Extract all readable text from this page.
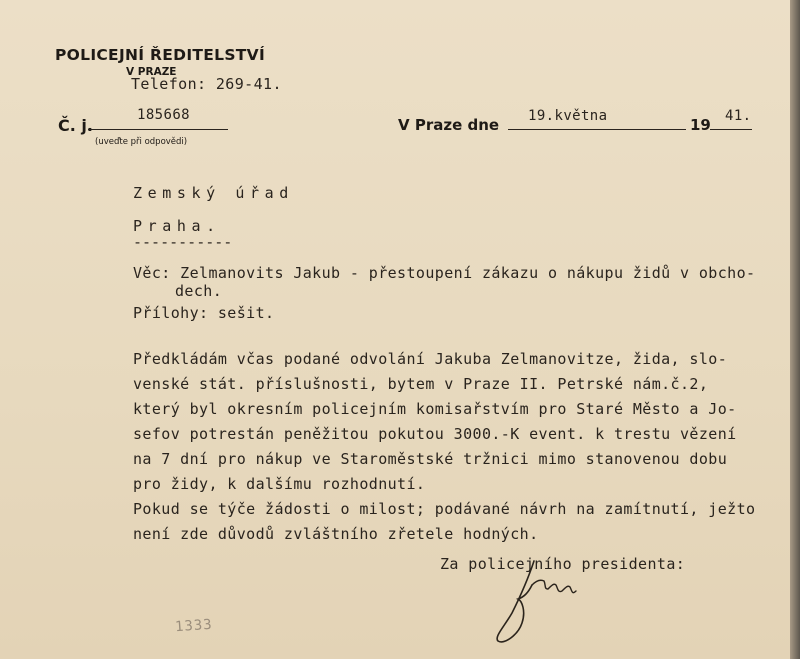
POLICEJNÍ ŘEDITELSTVÍ
V PRAZE
Telefon: 269-41.
Č. j.
185668
(uveďte při odpovědi)
V Praze dne 19.května	19 41.
Zemský úřad
Praha.
-----------
Věc: Zelmanovits Jakub - přestoupení zákazu o nákupu židů v obcho-
dech.
Přílohy: sešit.
Předkládám včas podané odvolání Jakuba Zelmanovitze, žida, slo-
venské stát. příslušnosti, bytem v Praze II. Petrské nám.č.2,
který byl okresním policejním komisařstvím pro Staré Město a Jo-
sefov potrestán peněžitou pokutou 3000.-K event. k trestu vězení
na 7 dní pro nákup ve Staroměstské tržnici mimo stanovenou dobu
pro židy, k dalšímu rozhodnutí.
Pokud se týče žádosti o milost; podávané návrh na zamítnutí, ježto
není zde důvodů zvláštního zřetele hodných.
Za policejního presidenta:
1333
